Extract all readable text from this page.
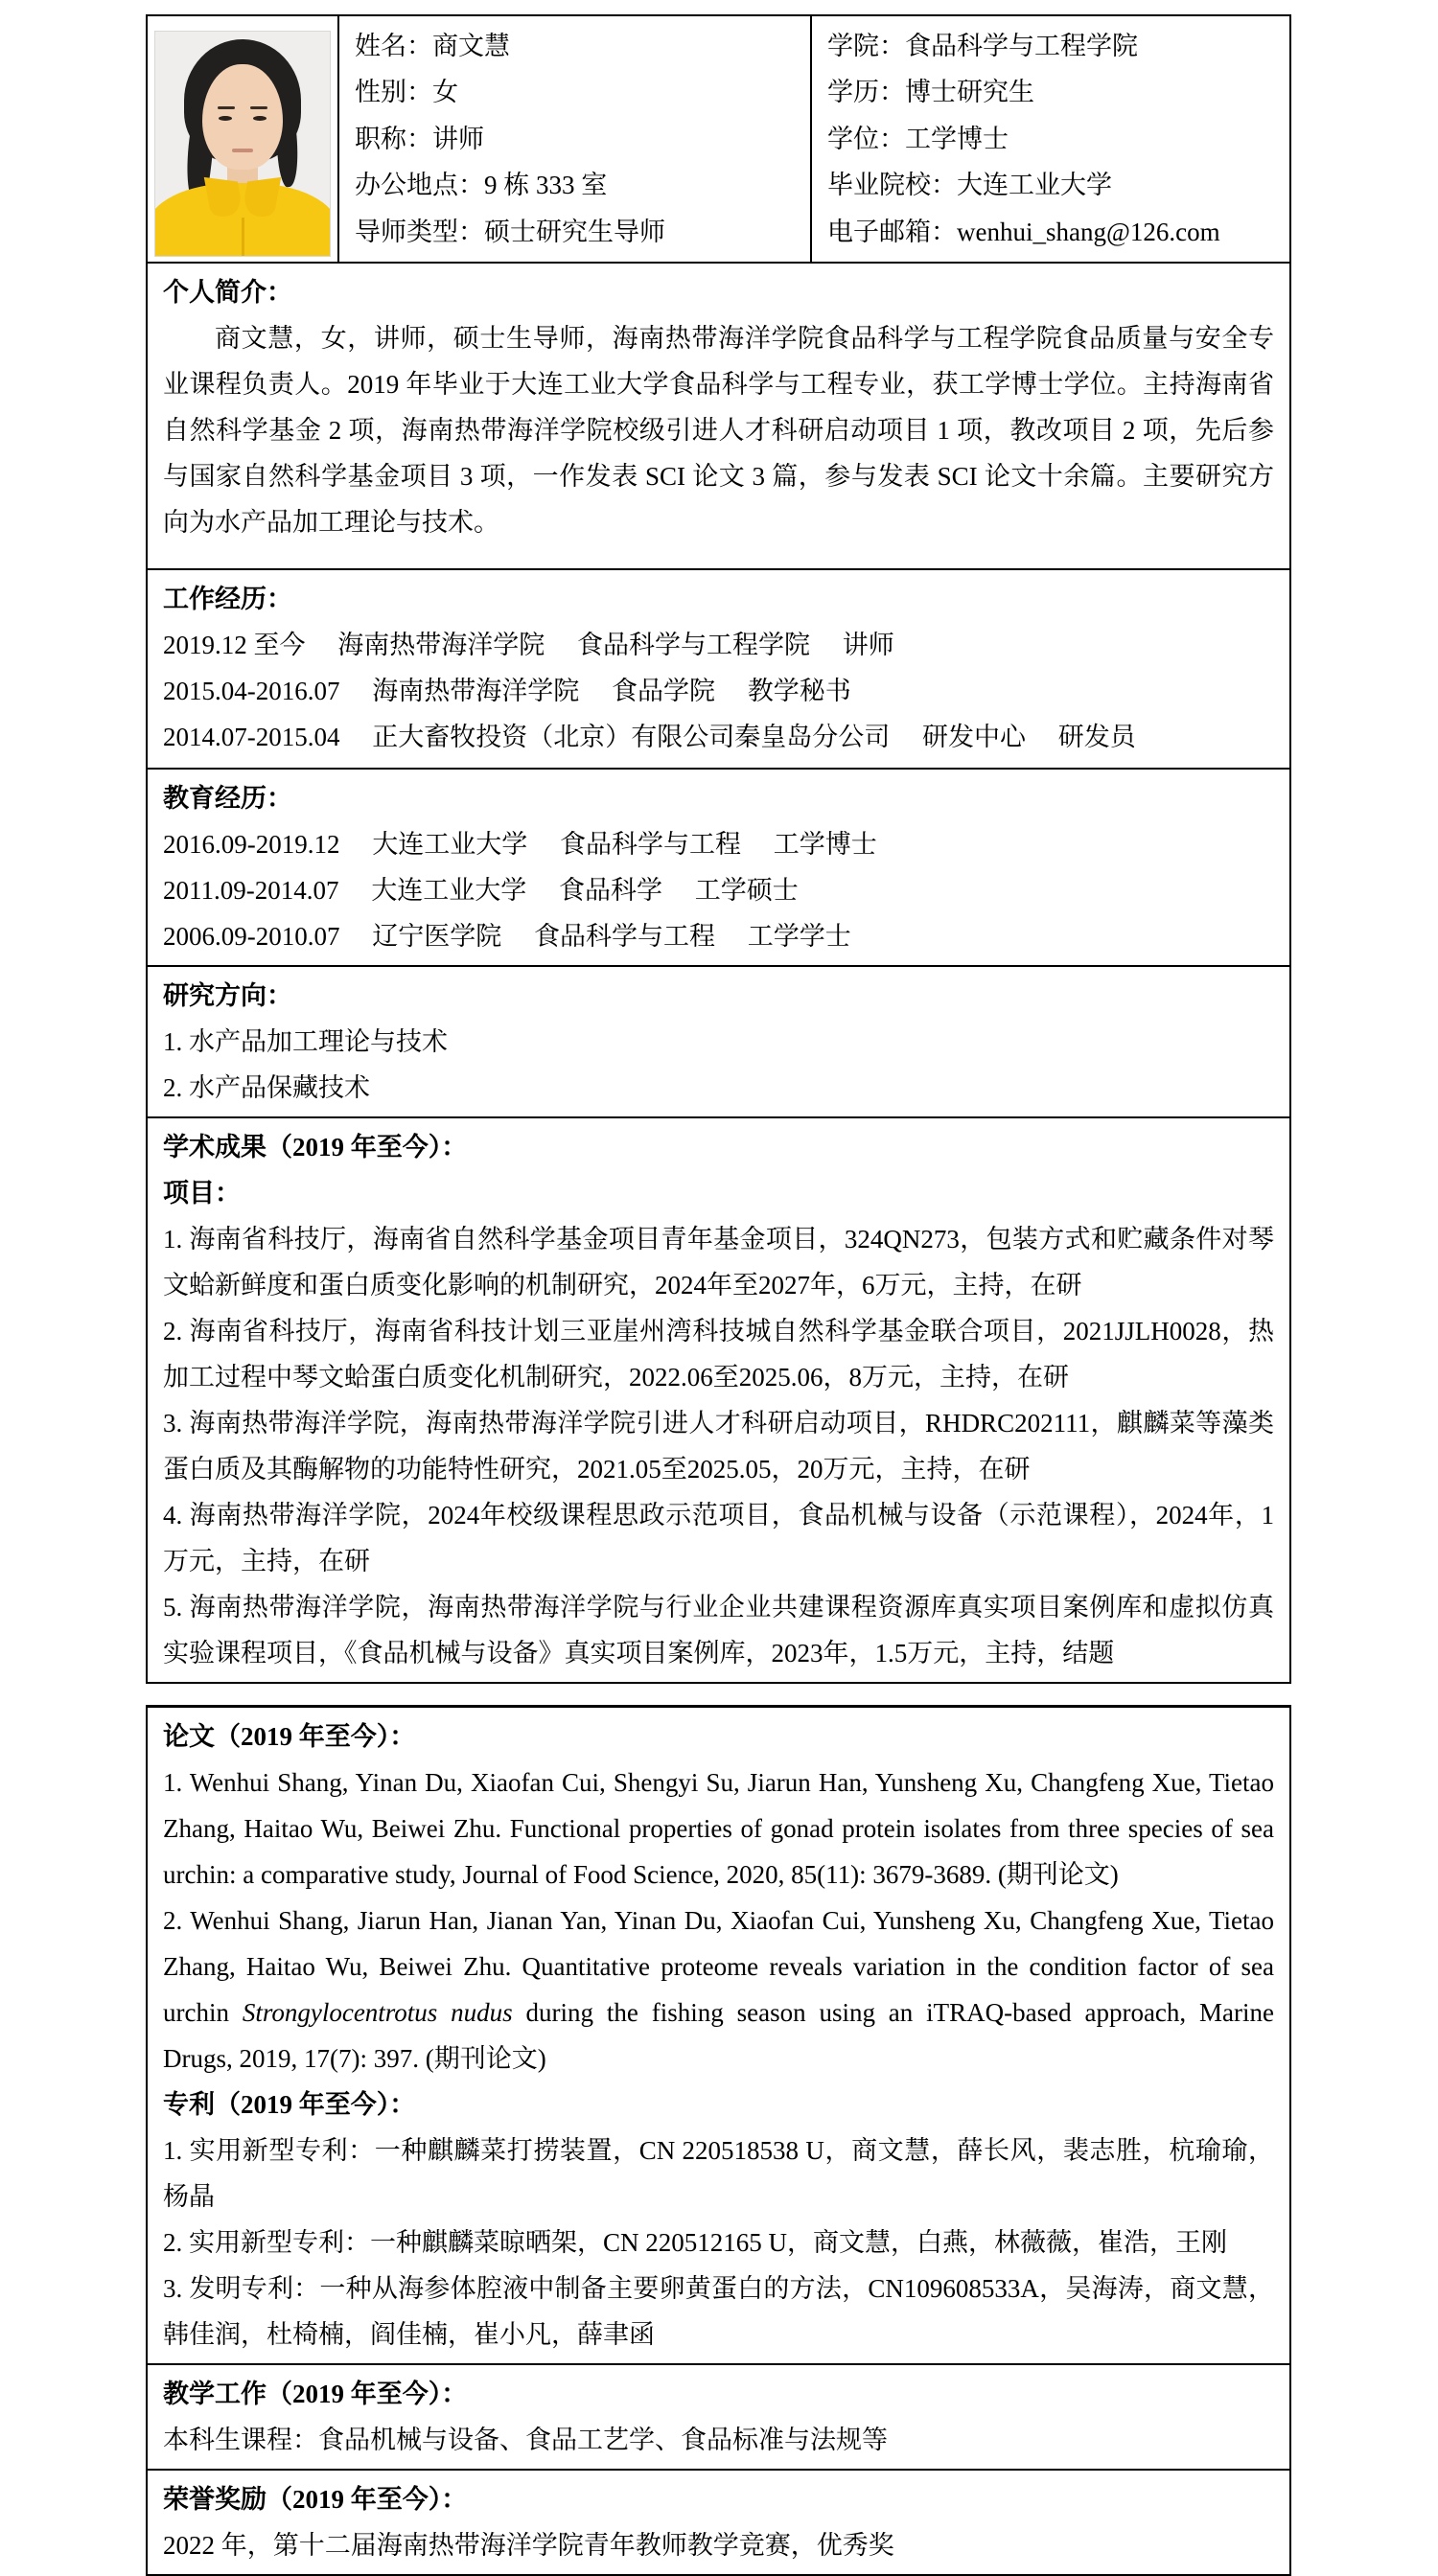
姓名：商文慧
性别：女
职称：讲师
办公地点：9 栋 333 室
导师类型：硕士研究生导师
学院：食品科学与工程学院
学历：博士研究生
学位：工学博士
毕业院校：大连工业大学
电子邮箱：wenhui_shang@126.com
个人简介：
商文慧，女，讲师，硕士生导师，海南热带海洋学院食品科学与工程学院食品质量与安全专业课程负责人。2019 年毕业于大连工业大学食品科学与工程专业，获工学博士学位。主持海南省自然科学基金 2 项，海南热带海洋学院校级引进人才科研启动项目 1 项，教改项目 2 项，先后参与国家自然科学基金项目 3 项，一作发表 SCI 论文 3 篇，参与发表 SCI 论文十余篇。主要研究方向为水产品加工理论与技术。
工作经历：
2019.12 至今　 海南热带海洋学院　 食品科学与工程学院　 讲师
2015.04-2016.07　 海南热带海洋学院　 食品学院　 教学秘书
2014.07-2015.04　 正大畜牧投资（北京）有限公司秦皇岛分公司　 研发中心　 研发员
教育经历：
2016.09-2019.12　 大连工业大学　 食品科学与工程　 工学博士
2011.09-2014.07　 大连工业大学　 食品科学　 工学硕士
2006.09-2010.07　 辽宁医学院　 食品科学与工程　 工学学士
研究方向：
1. 水产品加工理论与技术
2. 水产品保藏技术
学术成果（2019 年至今）：
项目：
1. 海南省科技厅，海南省自然科学基金项目青年基金项目，324QN273，包装方式和贮藏条件对琴文蛤新鲜度和蛋白质变化影响的机制研究，2024年至2027年，6万元，主持，在研
2. 海南省科技厅，海南省科技计划三亚崖州湾科技城自然科学基金联合项目，2021JJLH0028，热加工过程中琴文蛤蛋白质变化机制研究，2022.06至2025.06，8万元，主持，在研
3. 海南热带海洋学院，海南热带海洋学院引进人才科研启动项目，RHDRC202111，麒麟菜等藻类蛋白质及其酶解物的功能特性研究，2021.05至2025.05，20万元，主持，在研
4. 海南热带海洋学院，2024年校级课程思政示范项目，食品机械与设备（示范课程），2024年，1万元，主持，在研
5. 海南热带海洋学院，海南热带海洋学院与行业企业共建课程资源库真实项目案例库和虚拟仿真实验课程项目，《食品机械与设备》真实项目案例库，2023年，1.5万元，主持，结题
论文（2019 年至今）：
1. Wenhui Shang, Yinan Du, Xiaofan Cui, Shengyi Su, Jiarun Han, Yunsheng Xu, Changfeng Xue, Tietao Zhang, Haitao Wu, Beiwei Zhu. Functional properties of gonad protein isolates from three species of sea urchin: a comparative study, Journal of Food Science, 2020, 85(11): 3679-3689. (期刊论文)
2. Wenhui Shang, Jiarun Han, Jianan Yan, Yinan Du, Xiaofan Cui, Yunsheng Xu, Changfeng Xue, Tietao Zhang, Haitao Wu, Beiwei Zhu. Quantitative proteome reveals variation in the condition factor of sea urchin Strongylocentrotus nudus during the fishing season using an iTRAQ-based approach, Marine Drugs, 2019, 17(7): 397. (期刊论文)
专利（2019 年至今）：
1. 实用新型专利：一种麒麟菜打捞装置，CN 220518538 U，商文慧，薛长风，裴志胜，杭瑜瑜，杨晶
2. 实用新型专利：一种麒麟菜晾晒架，CN 220512165 U，商文慧，白燕，林薇薇，崔浩，王刚
3. 发明专利：一种从海参体腔液中制备主要卵黄蛋白的方法，CN109608533A，吴海涛，商文慧，韩佳润，杜椅楠，阎佳楠，崔小凡，薛聿函
教学工作（2019 年至今）：
本科生课程：食品机械与设备、食品工艺学、食品标准与法规等
荣誉奖励（2019 年至今）：
2022 年，第十二届海南热带海洋学院青年教师教学竞赛，优秀奖
